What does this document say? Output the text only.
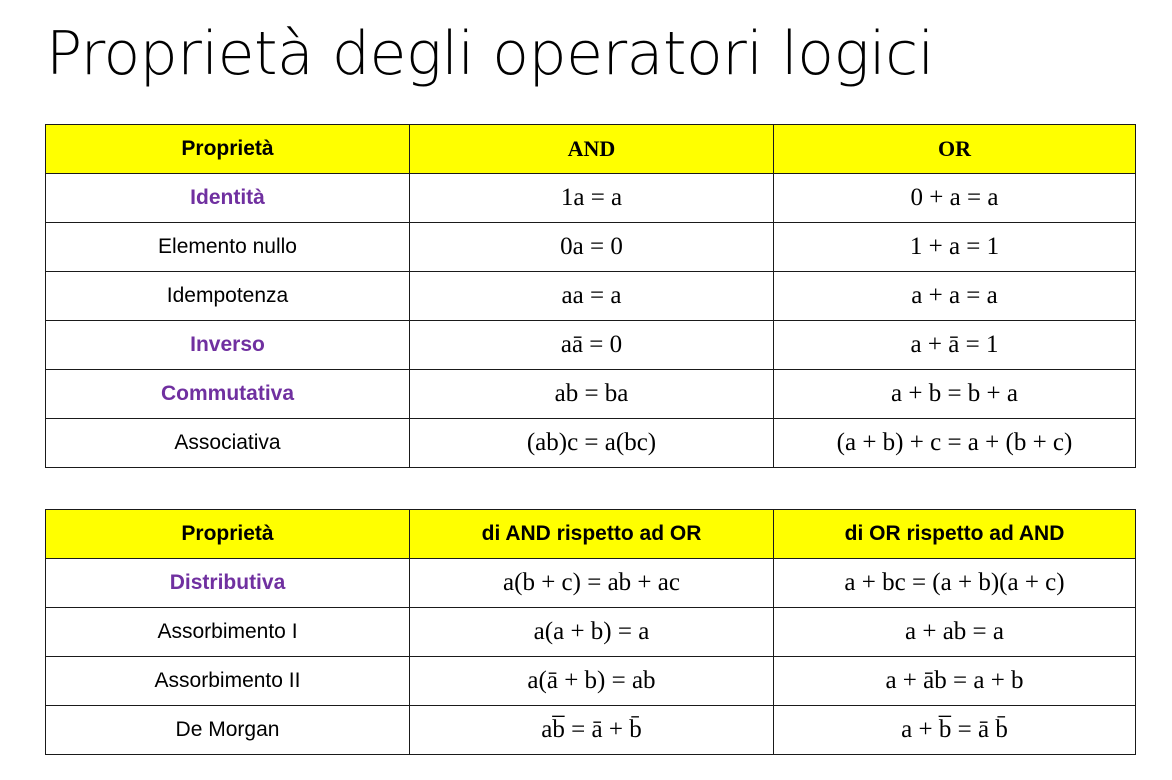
Proprietà degli operatori logici
Proprietà	AND	OR
Identità	1a = a	0 + a = a
Elemento nullo	0a = 0	1 + a = 1
Idempotenza	aa = a	a + a = a
Inverso	aā = 0	a + ā = 1
Commutativa	ab = ba	a + b = b + a
Associativa	(ab)c = a(bc)	(a + b) + c = a + (b + c)
Proprietà	di AND rispetto ad OR	di OR rispetto ad AND
Distributiva	a(b + c) = ab + ac	a + bc = (a + b)(a + c)
Assorbimento I	a(a + b) = a	a + ab = a
Assorbimento II	a(ā + b) = ab	a + āb = a + b
De Morgan	ab̅ = ā + b̄	a + b̅ = ā b̄
